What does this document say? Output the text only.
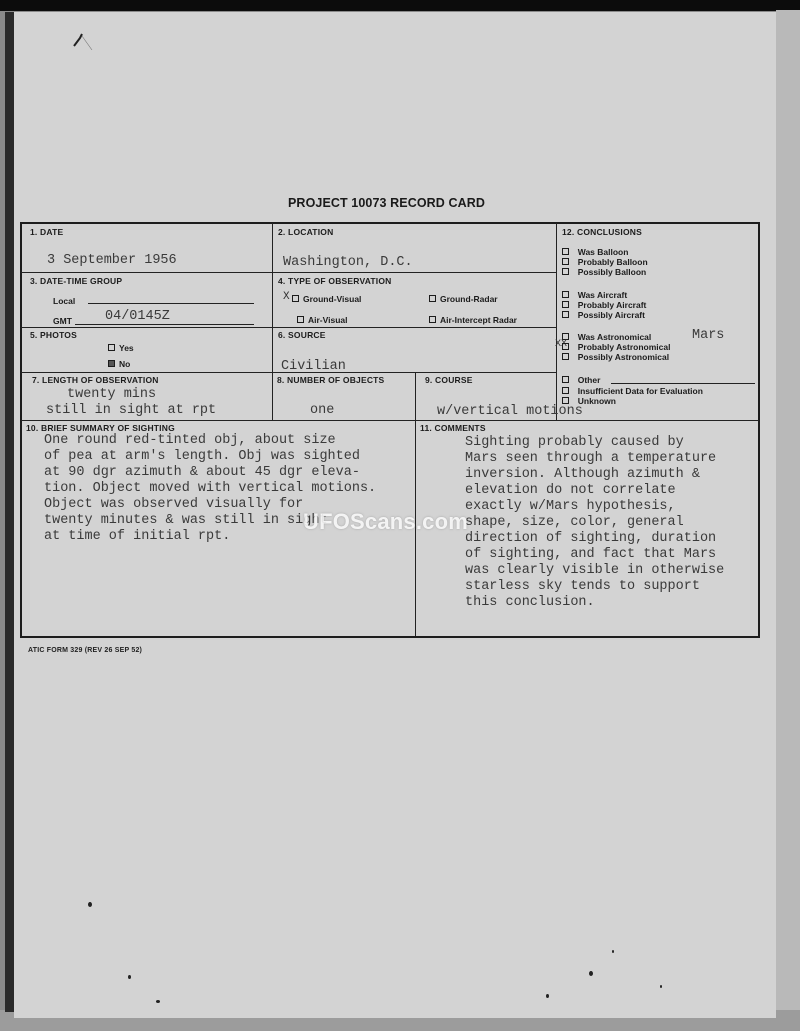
PROJECT 10073 RECORD CARD
1. DATE
3 September 1956
2. LOCATION
Washington, D.C.
3. DATE-TIME GROUP
Local
GMT 04/0145Z
4. TYPE OF OBSERVATION
X	Ground-Visual	Ground-Radar
Air-Visual	Air-Intercept Radar
5. PHOTOS
Yes
No
6. SOURCE
Civilian
7. LENGTH OF OBSERVATION
twenty mins
still in sight at rpt
8. NUMBER OF OBJECTS
one
9. COURSE
w/vertical motions
10. BRIEF SUMMARY OF SIGHTING
One round red-tinted obj, about size
of pea at arm's length. Obj was sighted
at 90 dgr azimuth & about 45 dgr eleva-
tion. Object moved with vertical motions.
Object was observed visually for
twenty minutes & was still in sight
at time of initial rpt.
11. COMMENTS
Sighting probably caused by
Mars seen through a temperature
inversion. Although azimuth &
elevation do not correlate
exactly w/Mars hypothesis,
shape, size, color, general
direction of sighting, duration
of sighting, and fact that Mars
was clearly visible in otherwise
starless sky tends to support
this conclusion.
12. CONCLUSIONS
Was Balloon
Probably Balloon
Possibly Balloon
Was Aircraft
Probably Aircraft
Possibly Aircraft
Was Astronomical	Mars
XX	Probably Astronomical
Possibly Astronomical
Other
Insufficient Data for Evaluation
Unknown
ATIC FORM 329 (REV 26 SEP 52)
UFOScans.com
